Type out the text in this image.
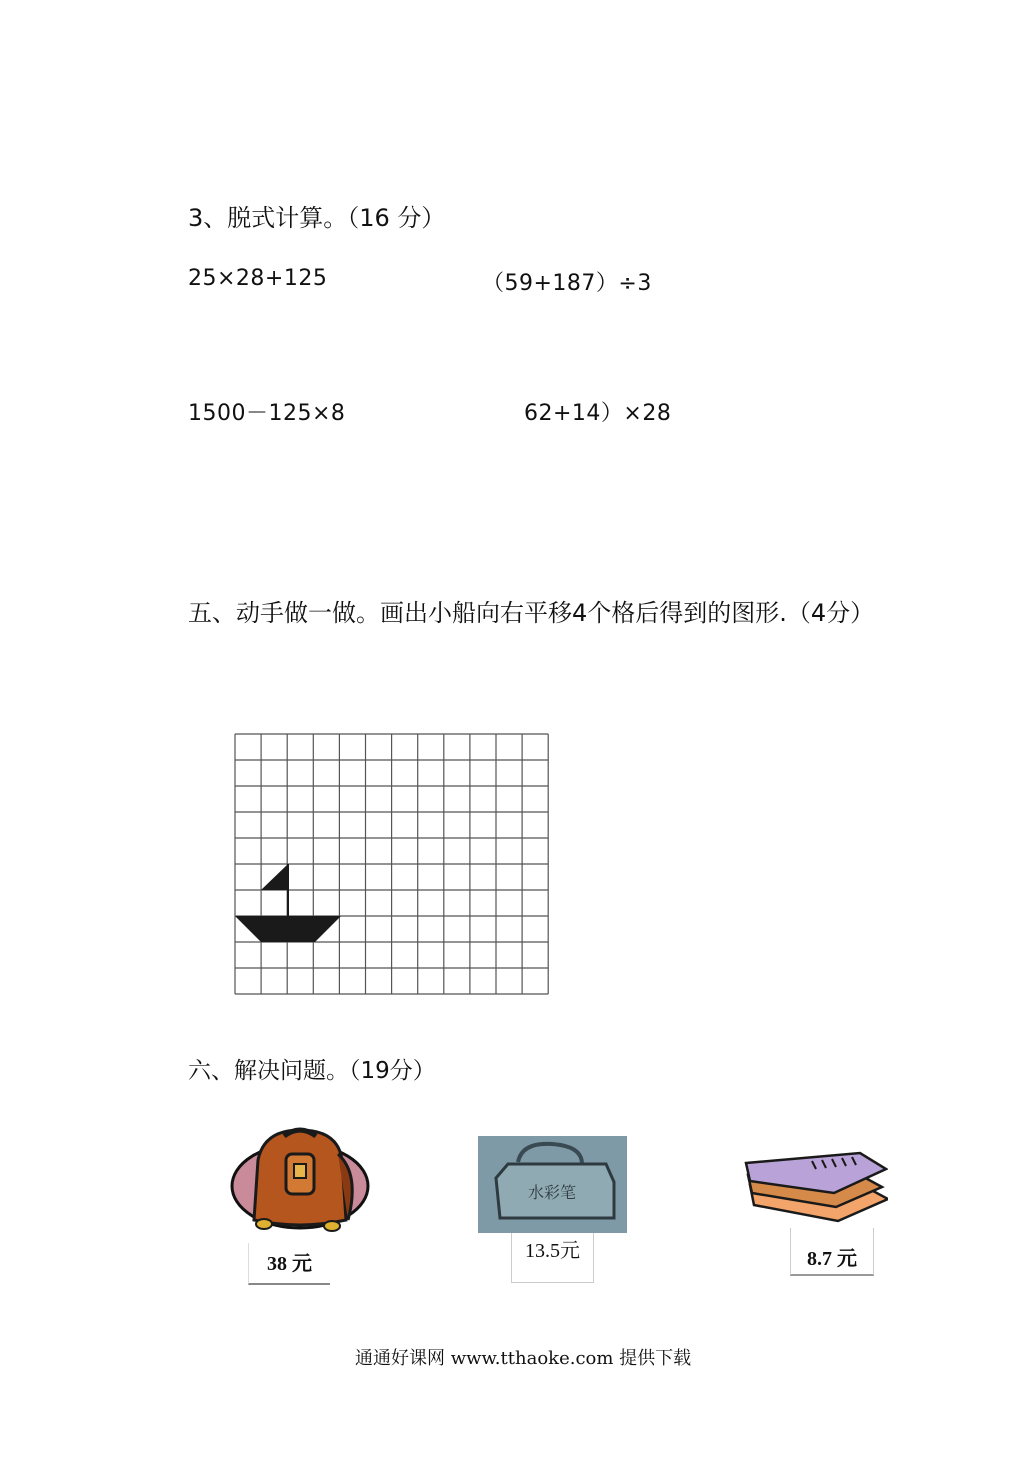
3、脱式计算。（16 分）
25×28+125	（59+187）÷3
1500－125×8	62+14）×28
五、动手做一做。画出小船向右平移4个格后得到的图形.（4分）
六、解决问题。（19分）
38 元
水彩笔
13.5元	8.7 元
通通好课网 www.tthaoke.com 提供下载
